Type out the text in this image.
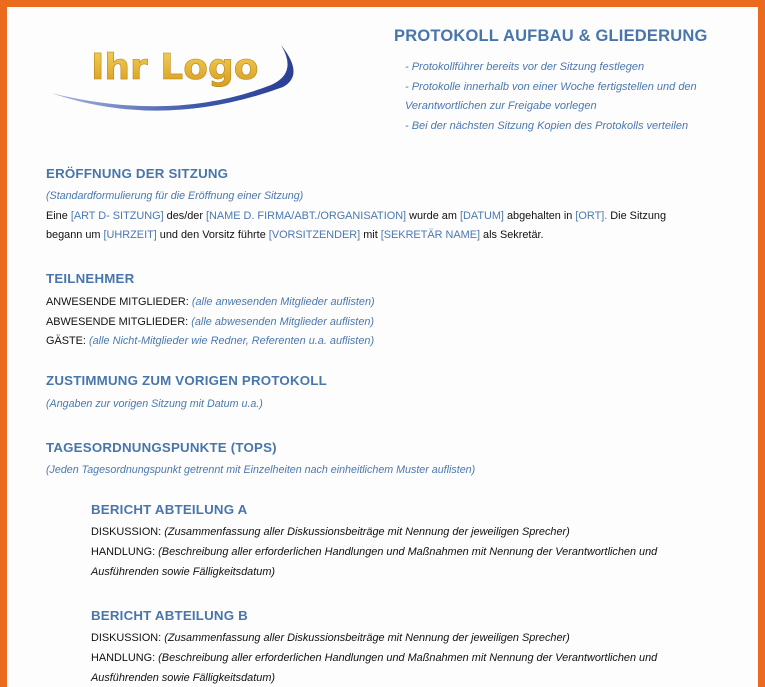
Ihr Logo
PROTOKOLL AUFBAU & GLIEDERUNG
- Protokollführer bereits vor der Sitzung festlegen
- Protokolle innerhalb von einer Woche fertigstellen und den
Verantwortlichen zur Freigabe vorlegen
- Bei der nächsten Sitzung Kopien des Protokolls verteilen
ERÖFFNUNG DER SITZUNG
(Standardformulierung für die Eröffnung einer Sitzung)
Eine [ART D- SITZUNG] des/der [NAME D. FIRMA/ABT./ORGANISATION] wurde am [DATUM] abgehalten in [ORT]. Die Sitzung
begann um [UHRZEIT] und den Vorsitz führte [VORSITZENDER] mit [SEKRETÄR NAME] als Sekretär.
TEILNEHMER
ANWESENDE MITGLIEDER: (alle anwesenden Mitglieder auflisten)
ABWESENDE MITGLIEDER: (alle abwesenden Mitglieder auflisten)
GÄSTE: (alle Nicht-Mitglieder wie Redner, Referenten u.a. auflisten)
ZUSTIMMUNG ZUM VORIGEN PROTOKOLL
(Angaben zur vorigen Sitzung mit Datum u.a.)
TAGESORDNUNGSPUNKTE (TOPS)
(Jeden Tagesordnungspunkt getrennt mit Einzelheiten nach einheitlichem Muster auflisten)
BERICHT ABTEILUNG A
DISKUSSION: (Zusammenfassung aller Diskussionsbeiträge mit Nennung der jeweiligen Sprecher)
HANDLUNG: (Beschreibung aller erforderlichen Handlungen und Maßnahmen mit Nennung der Verantwortlichen und
Ausführenden sowie Fälligkeitsdatum)
BERICHT ABTEILUNG B
DISKUSSION: (Zusammenfassung aller Diskussionsbeiträge mit Nennung der jeweiligen Sprecher)
HANDLUNG: (Beschreibung aller erforderlichen Handlungen und Maßnahmen mit Nennung der Verantwortlichen und
Ausführenden sowie Fälligkeitsdatum)
